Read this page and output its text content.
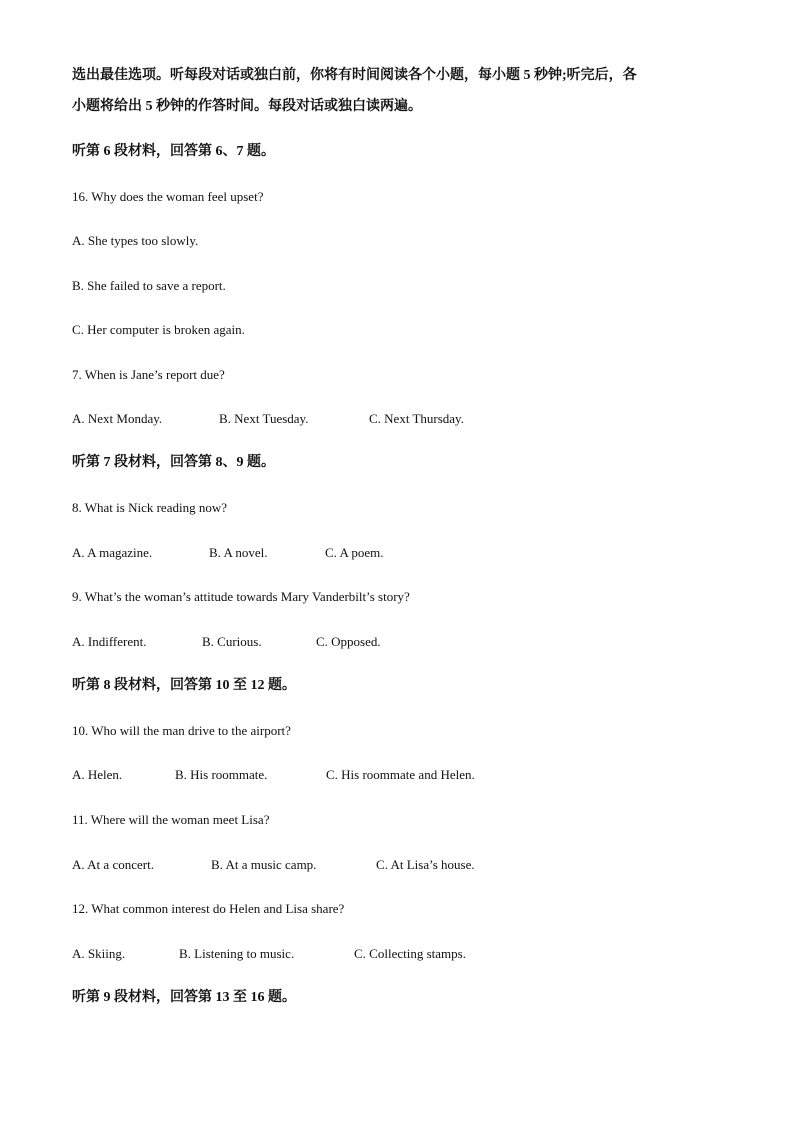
选出最佳选项。听每段对话或独白前，你将有时间阅读各个小题，每小题 5 秒钟;听完后，各
小题将给出 5 秒钟的作答时间。每段对话或独白读两遍。
听第 6 段材料，回答第 6、7 题。
16. Why does the woman feel upset?
A. She types too slowly.
B. She failed to save a report.
C. Her computer is broken again.
7. When is Jane’s report due?
A. Next Monday.	B. Next Tuesday.	C. Next Thursday.
听第 7 段材料，回答第 8、9 题。
8. What is Nick reading now?
A. A magazine.	B. A novel.	C. A poem.
9. What’s the woman’s attitude towards Mary Vanderbilt’s story?
A. Indifferent.	B. Curious.	C. Opposed.
听第 8 段材料，回答第 10 至 12 题。
10. Who will the man drive to the airport?
A. Helen.	B. His roommate.	C. His roommate and Helen.
11. Where will the woman meet Lisa?
A. At a concert.	B. At a music camp.	C. At Lisa’s house.
12. What common interest do Helen and Lisa share?
A. Skiing.	B. Listening to music.	C. Collecting stamps.
听第 9 段材料，回答第 13 至 16 题。
